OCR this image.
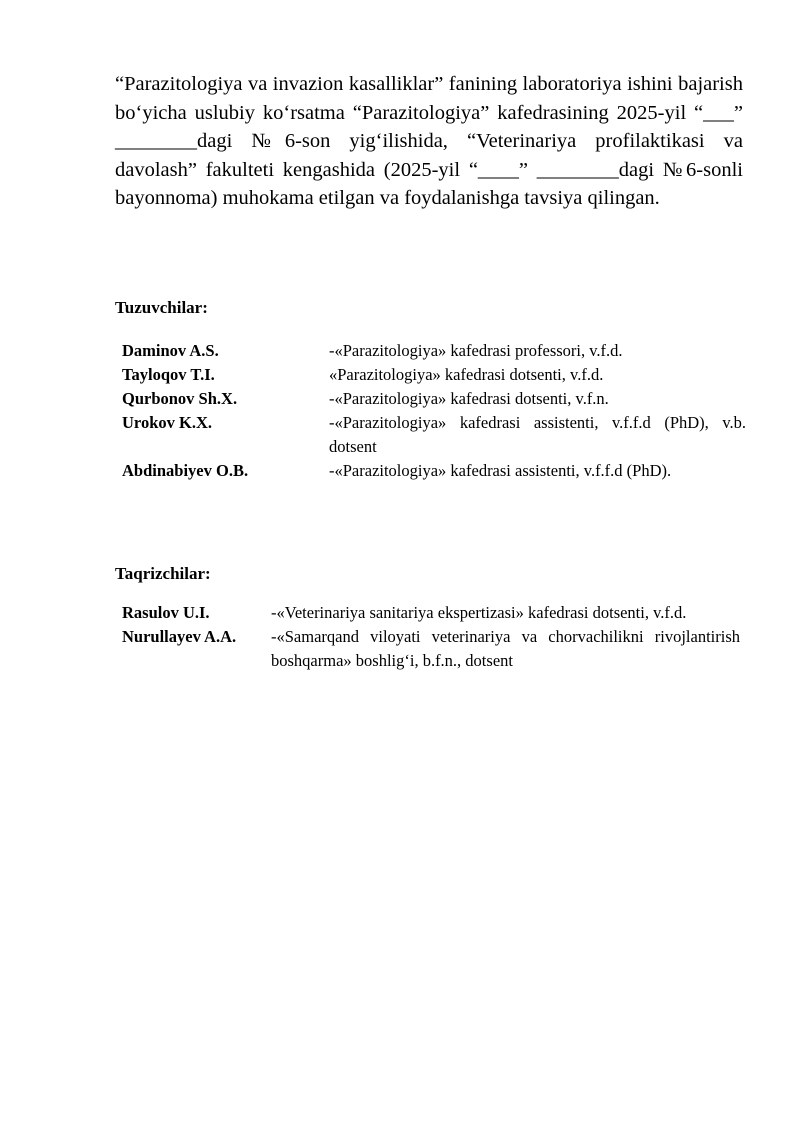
“Parazitologiya va invazion kasalliklar” fanining laboratoriya ishini bajarish boʻyicha uslubiy koʻrsatma “Parazitologiya” kafedrasining 2025-yil “___” ________dagi №6-son yigʻilishida, “Veterinariya profilaktikasi va davolash” fakulteti kengashida (2025-yil “____” ________dagi №6-sonli bayonnoma) muhokama etilgan va foydalanishga tavsiya qilingan.

Tuzuvchilar:
Daminov A.S.	-«Parazitologiya» kafedrasi professori, v.f.d.
Tayloqov T.I.	«Parazitologiya» kafedrasi dotsenti, v.f.d.
Qurbonov Sh.X.	-«Parazitologiya» kafedrasi dotsenti, v.f.n.
Urokov K.X.	-«Parazitologiya» kafedrasi assistenti, v.f.f.d (PhD), v.b. dotsent
Abdinabiyev O.B.	-«Parazitologiya» kafedrasi assistenti, v.f.f.d (PhD).
Taqrizchilar:
Rasulov U.I.	-«Veterinariya sanitariya ekspertizasi» kafedrasi dotsenti, v.f.d.
Nurullayev A.A.	-«Samarqand viloyati veterinariya va chorvachilikni rivojlantirish boshqarma» boshligʻi, b.f.n., dotsent
